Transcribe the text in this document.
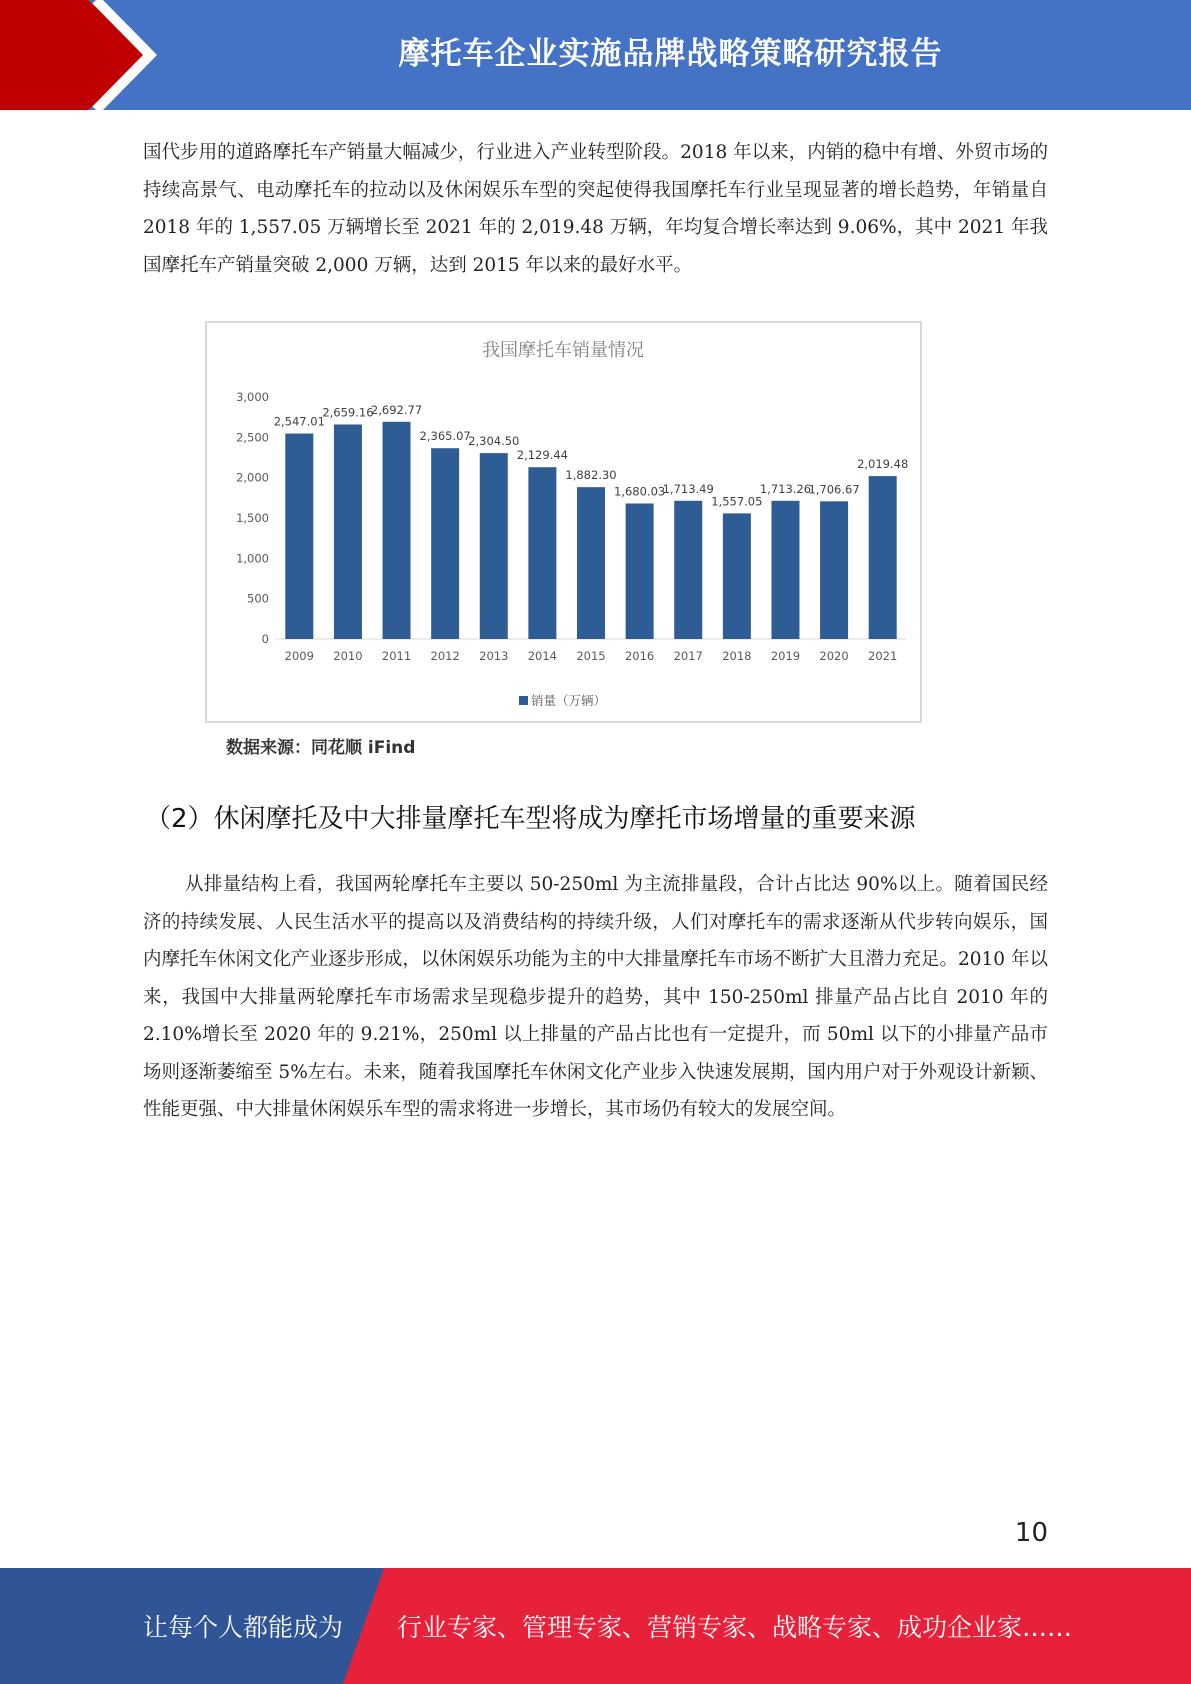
摩托车企业实施品牌战略策略研究报告
国代步用的道路摩托车产销量大幅减少，行业进入产业转型阶段。2018 年以来，内销的稳中有增、外贸市场的持续高景气、电动摩托车的拉动以及休闲娱乐车型的突起使得我国摩托车行业呈现显著的增长趋势，年销量自 2018 年的 1,557.05 万辆增长至 2021 年的 2,019.48 万辆，年均复合增长率达到 9.06%，其中 2021 年我国摩托车产销量突破 2,000 万辆，达到 2015 年以来的最好水平。
我国摩托车销量情况
0
500
1,000
1,500
2,000
2,500
3,000
2,547.01
2009
2,659.16
2010
2,692.77
2011
2,365.07
2012
2,304.50
2013
2,129.44
2014
1,882.30
2015
1,680.03
2016
1,713.49
2017
1,557.05
2018
1,713.26
2019
1,706.67
2020
2,019.48
2021
销量（万辆）
数据来源：同花顺 iFind
（2）休闲摩托及中大排量摩托车型将成为摩托市场增量的重要来源
从排量结构上看，我国两轮摩托车主要以 50-250ml 为主流排量段，合计占比达 90%以上。随着国民经济的持续发展、人民生活水平的提高以及消费结构的持续升级，人们对摩托车的需求逐渐从代步转向娱乐，国内摩托车休闲文化产业逐步形成，以休闲娱乐功能为主的中大排量摩托车市场不断扩大且潜力充足。2010 年以来，我国中大排量两轮摩托车市场需求呈现稳步提升的趋势，其中 150-250ml 排量产品占比自 2010 年的 2.10%增长至 2020 年的 9.21%，250ml 以上排量的产品占比也有一定提升，而 50ml 以下的小排量产品市场则逐渐萎缩至 5%左右。未来，随着我国摩托车休闲文化产业步入快速发展期，国内用户对于外观设计新颖、性能更强、中大排量休闲娱乐车型的需求将进一步增长，其市场仍有较大的发展空间。
10
让每个人都能成为 行业专家、管理专家、营销专家、战略专家、成功企业家……
